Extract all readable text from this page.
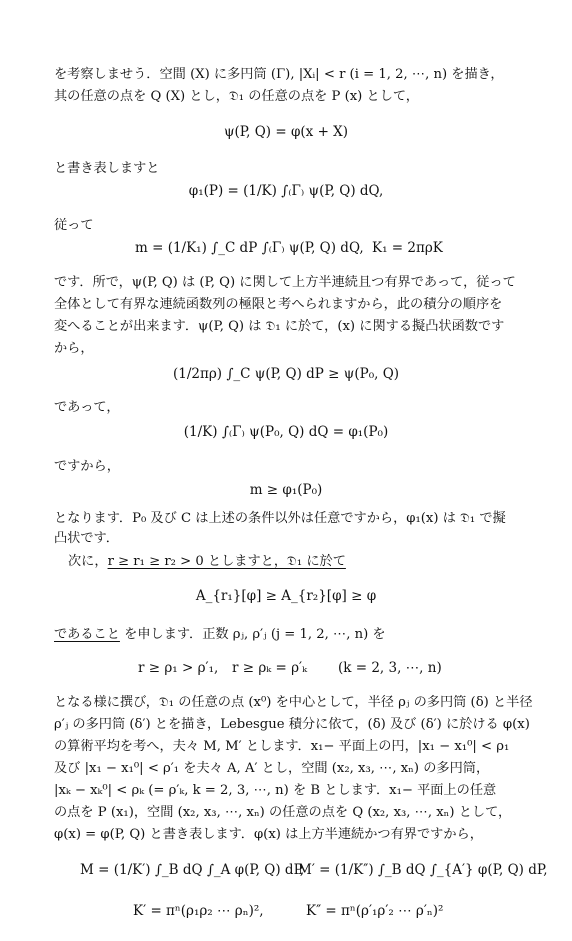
を考察しませう．空間 (X) に多円筒 (Γ), |Xᵢ| < r (i = 1, 2, ⋯, n) を描き，
其の任意の点を Q (X) とし，𝔇₁ の任意の点を P (x) として，
ψ(P, Q) = φ(x + X)
と書き表しますと
φ₁(P) = (1/K) ∫₍Γ₎ ψ(P, Q) dQ,
従って
m = (1/K₁) ∫_C dP ∫₍Γ₎ ψ(P, Q) dQ, K₁ = 2πρK
です．所で，ψ(P, Q) は (P, Q) に関して上方半連続且つ有界であって，従って
全体として有界な連続函数列の極限と考へられますから，此の積分の順序を
変へることが出来ます．ψ(P, Q) は 𝔇₁ に於て，(x) に関する擬凸状函数です
から，
(1/2πρ) ∫_C ψ(P, Q) dP ≥ ψ(P₀, Q)
であって，
(1/K) ∫₍Γ₎ ψ(P₀, Q) dQ = φ₁(P₀)
ですから，
m ≥ φ₁(P₀)
となります．P₀ 及び C は上述の条件以外は任意ですから，φ₁(x) は 𝔇₁ で擬
凸状です．
次に，r ≥ r₁ ≥ r₂ > 0 としますと，𝔇₁ に於て
A_{r₁}[φ] ≥ A_{r₂}[φ] ≥ φ
であること を申します．正数 ρⱼ, ρ′ⱼ (j = 1, 2, ⋯, n) を
r ≥ ρ₁ > ρ′₁, r ≥ ρₖ = ρ′ₖ (k = 2, 3, ⋯, n)
となる様に撰び，𝔇₁ の任意の点 (x⁰) を中心として，半径 ρⱼ の多円筒 (δ) と半径
ρ′ⱼ の多円筒 (δ′) とを描き，Lebesgue 積分に依て，(δ) 及び (δ′) に於ける φ(x)
の算術平均を考へ，夫々 M, M′ とします．x₁− 平面上の円，|x₁ − x₁⁰| < ρ₁
及び |x₁ − x₁⁰| < ρ′₁ を夫々 A, A′ とし，空間 (x₂, x₃, ⋯, xₙ) の多円筒，
|xₖ − xₖ⁰| < ρₖ (= ρ′ₖ, k = 2, 3, ⋯, n) を B とします．x₁− 平面上の任意
の点を P (x₁)，空間 (x₂, x₃, ⋯, xₙ) の任意の点を Q (x₂, x₃, ⋯, xₙ) として，
φ(x) = φ(P, Q) と書き表します．φ(x) は上方半連続かつ有界ですから，
M = (1/K′) ∫_B dQ ∫_A φ(P, Q) dP,
M′ = (1/K″) ∫_B dQ ∫_{A′} φ(P, Q) dP,
K′ = πⁿ(ρ₁ρ₂ ⋯ ρₙ)²,	K″ = πⁿ(ρ′₁ρ′₂ ⋯ ρ′ₙ)²
